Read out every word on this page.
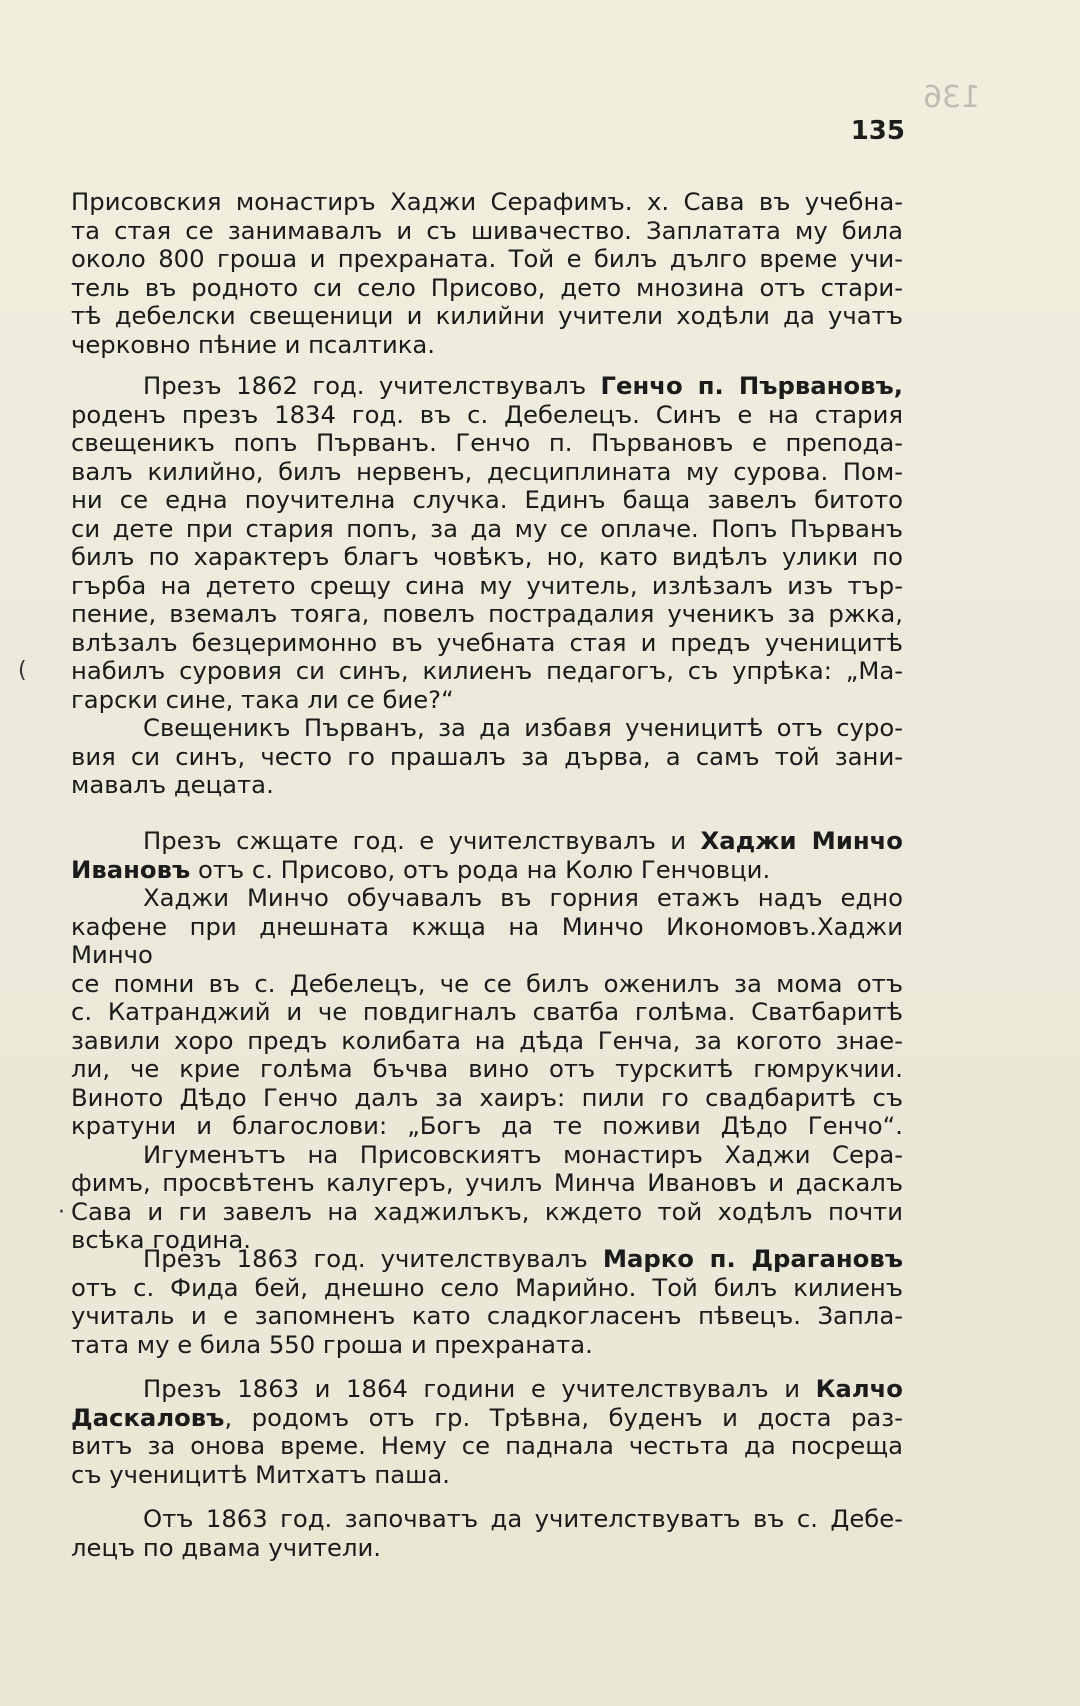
136
135
(
·

Присовския монастиръ Хаджи Серафимъ. х. Сава въ учебна-

та стая се занимавалъ и съ шивачество. Заплатата му била

около 800 гроша и прехраната. Той е билъ дълго време учи-

тель въ родното си село Присово, дето мнозина отъ стари-

тѣ дебелски свещеници и килийни учители ходѣли да учатъ

черковно пѣние и псалтика.

Презъ 1862 год. учителствувалъ Генчо п. Първановъ,

роденъ презъ 1834 год. въ с. Дебелецъ. Синъ е на стария

свещеникъ попъ Първанъ. Генчо п. Първановъ е препода-

валъ килийно, билъ нервенъ, десциплината му сурова. Пом-

ни се една поучителна случка. Единъ баща завелъ битото

си дете при стария попъ, за да му се оплаче. Попъ Първанъ

билъ по характеръ благъ човѣкъ, но, като видѣлъ улики по

гърба на детето срещу сина му учитель, излѣзалъ изъ тър-

пение, вземалъ тояга, повелъ пострадалия ученикъ за ржка,

влѣзалъ безцеримонно въ учебната стая и предъ ученицитѣ

набилъ суровия си синъ, килиенъ педагогъ, съ упрѣка: „Ма-

гарски сине, така ли се бие?“

Свещеникъ Първанъ, за да избавя ученицитѣ отъ суро-

вия си синъ, често го прашалъ за дърва, а самъ той зани-

мавалъ децата.

Презъ сжщате год. е учителствувалъ и Хаджи Минчо

Ивановъ отъ с. Присово, отъ рода на Колю Генчовци.

Хаджи Минчо обучавалъ въ горния етажъ надъ едно

кафене при днешната кжща на Минчо Икономовъ.Хаджи Минчо

се помни въ с. Дебелецъ, че се билъ оженилъ за мома отъ

с. Катранджий и че повдигналъ сватба голѣма. Сватбаритѣ

завили хоро предъ колибата на дѣда Генча, за когото знае-

ли, че крие голѣма бъчва вино отъ турскитѣ гюмрукчии.

Виното Дѣдо Генчо далъ за хаиръ: пили го свадбаритѣ съ

кратуни и благослови: „Богъ да те поживи Дѣдо Генчо“.

Игуменътъ на Присовскиятъ монастиръ Хаджи Сера-

фимъ, просвѣтенъ калугеръ, училъ Минча Ивановъ и даскалъ

Сава и ги завелъ на хаджилъкъ, кждето той ходѣлъ почти

всѣка година.

Презъ 1863 год. учителствувалъ Марко п. Драгановъ

отъ с. Фида бей, днешно село Марийно. Той билъ килиенъ

учиталь и е запомненъ като сладкогласенъ пѣвецъ. Запла-

тата му е била 550 гроша и прехраната.

Презъ 1863 и 1864 години е учителствувалъ и Калчо

Даскаловъ, родомъ отъ гр. Трѣвна, буденъ и доста раз-

витъ за онова време. Нему се паднала честьта да посреща

съ ученицитѣ Митхатъ паша.

Отъ 1863 год. започватъ да учителствуватъ въ с. Дебе-

лецъ по двама учители.
